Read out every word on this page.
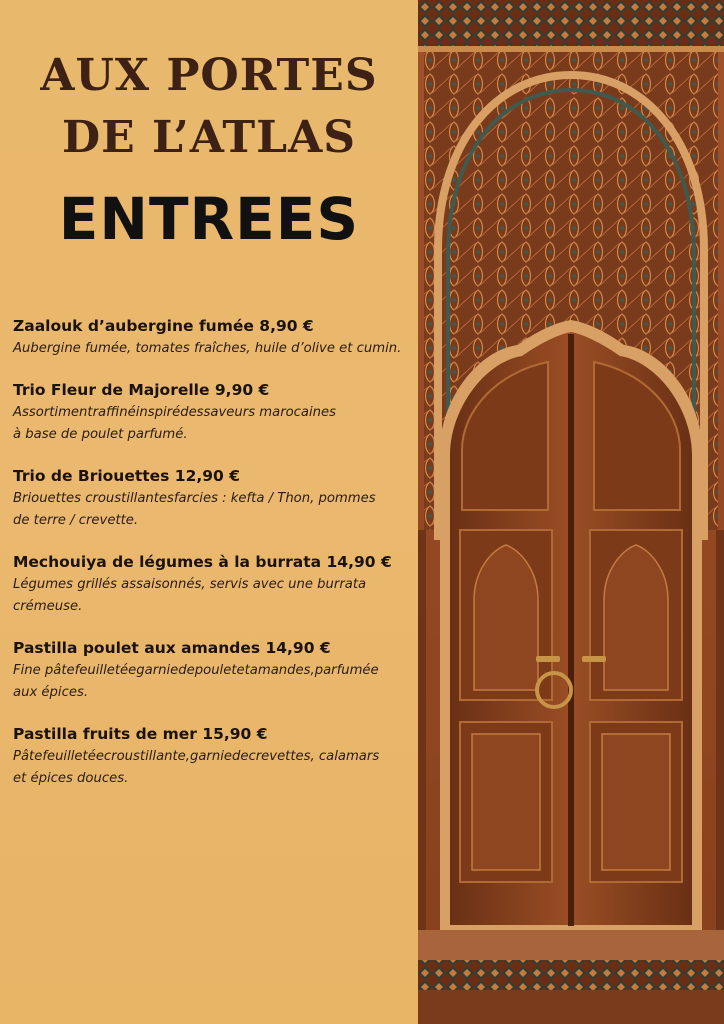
AUX PORTES
DE L’ATLAS
ENTREES
Zaalouk d’aubergine fumée 8,90 €
Aubergine fumée, tomates fraîches, huile d’olive et cumin.
Trio Fleur de Majorelle 9,90 €
Assortimentraffinéinspirédessaveurs marocaines
à base de poulet parfumé.
Trio de Briouettes 12,90 €
Briouettes croustillantesfarcies : kefta / Thon, pommes
de terre / crevette.
Mechouiya de légumes à la burrata 14,90 €
Légumes grillés assaisonnés, servis avec une burrata
crémeuse.
Pastilla poulet aux amandes 14,90 €
Fine pâtefeuilletéegarniedepouletetamandes,parfumée
aux épices.
Pastilla fruits de mer 15,90 €
Pâtefeuilletéecroustillante,garniedecrevettes, calamars
et épices douces.
